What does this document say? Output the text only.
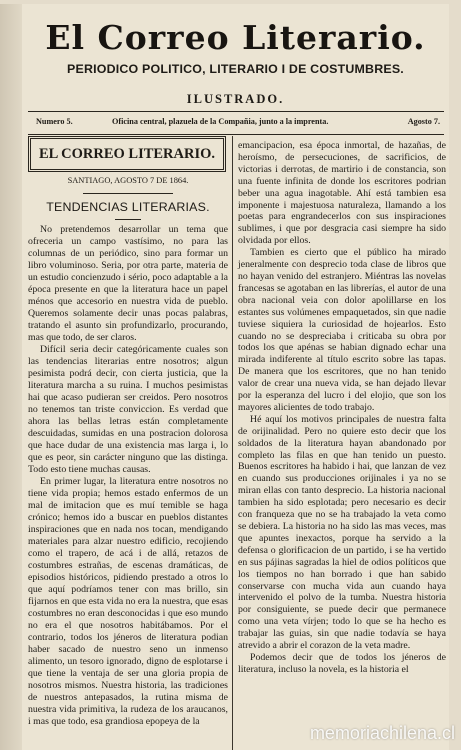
El Correo Literario.
PERIODICO POLITICO, LITERARIO I DE COSTUMBRES.
ILUSTRADO.
Numero 5.	Oficina central, plazuela de la Compañia, junto a la imprenta.	Agosto 7.
EL CORREO LITERARIO.
SANTIAGO, AGOSTO 7 DE 1864.
TENDENCIAS LITERARIAS.

No pretendemos desarrollar un tema que ofreceria un campo vastísimo, no para las columnas de un periódico, sino para formar un libro voluminoso. Seria, por otra parte, materia de un estudio concienzudo i sério, poco adaptable a la época presente en que la literatura hace un papel ménos que accesorio en nuestra vida de pueblo. Queremos solamente decir unas pocas palabras, tratando el asunto sin profundizarlo, procurando, mas que todo, de ser claros.

Difícil seria decir categóricamente cuales son las tendencias literarias entre nosotros; algun pesimista podrá decir, con cierta justicia, que la literatura marcha a su ruina. I muchos pesimistas hai que acaso pudieran ser creidos. Pero nosotros no tenemos tan triste conviccion. Es verdad que ahora las bellas letras están completamente descuidadas, sumidas en una postracion dolorosa que hace dudar de una existencia mas larga i, lo que es peor, sin carácter ninguno que las distinga. Todo esto tiene muchas causas.

En primer lugar, la literatura entre nosotros no tiene vida propia; hemos estado enfermos de un mal de imitacion que es muí temible se haga crónico; hemos ido a buscar en pueblos distantes inspiraciones que en nada nos tocan, mendigando materiales para alzar nuestro edificio, recojiendo como el trapero, de acá i de allá, retazos de costumbres estrañas, de escenas dramáticas, de episodios históricos, pidiendo prestado a otros lo que aquí podríamos tener con mas brillo, sin fijarnos en que esta vida no era la nuestra, que esas costumbres no eran desconocidas i que eso mundo no era el que nosotros habitábamos. Por el contrario, todos los jéneros de literatura podian haber sacado de nuestro seno un inmenso alimento, un tesoro ignorado, digno de esplotarse i que tiene la ventaja de ser una gloria propia de nosotros mismos. Nuestra historia, las tradiciones de nuestros antepasados, la rutina misma de nuestra vida primitiva, la rudeza de los araucanos, i mas que todo, esa grandiosa epopeya de la

emancipacion, esa época inmortal, de hazañas, de heroísmo, de persecuciones, de sacrificios, de victorias i derrotas, de martirio i de constancia, son una fuente infinita de donde los escritores podrian beber una agua inagotable. Ahí está tambien esa imponente i majestuosa naturaleza, llamando a los poetas para engrandecerlos con sus inspiraciones sublimes, i que por desgracia casi siempre ha sido olvidada por ellos.

Tambien es cierto que el público ha mirado jeneralmente con desprecio toda clase de libros que no hayan venido del estranjero. Miéntras las novelas francesas se agotaban en las librerías, el autor de una obra nacional veia con dolor apolillarse en los estantes sus volúmenes empaquetados, sin que nadie tuviese siquiera la curiosidad de hojearlos. Esto cuando no se despreciaba i criticaba su obra por todos los que apénas se habian dignado echar una mirada indiferente al título escrito sobre las tapas. De manera que los escritores, que no han tenido valor de crear una nueva vida, se han dejado llevar por la esperanza del lucro i del elojio, que son los mayores alicientes de todo trabajo.

Hé aquí los motivos principales de nuestra falta de orijinalidad. Pero no quiere esto decir que los soldados de la literatura hayan abandonado por completo las filas en que han tenido un puesto. Buenos escritores ha habido i hai, que lanzan de vez en cuando sus producciones orijinales i ya no se miran ellas con tanto desprecio. La historia nacional tambien ha sido esplotada; pero necesario es decir con franqueza que no se ha trabajado la veta como se debiera. La historia no ha sido las mas veces, mas que apuntes inexactos, porque ha servido a la defensa o glorificacion de un partido, i se ha vertido en sus pájinas sagradas la hiel de odios políticos que los tiempos no han borrado i que han sabido conservarse con mucha vida aun cuando haya intervenido el polvo de la tumba. Nuestra historia por consiguiente, se puede decir que permanece como una veta vírjen; todo lo que se ha hecho es trabajar las guias, sin que nadie todavía se haya atrevido a abrir el corazon de la veta madre.

Podemos decir que de todos los jéneros de literatura, incluso la novela, es la historia el

memoriachilena.cl
